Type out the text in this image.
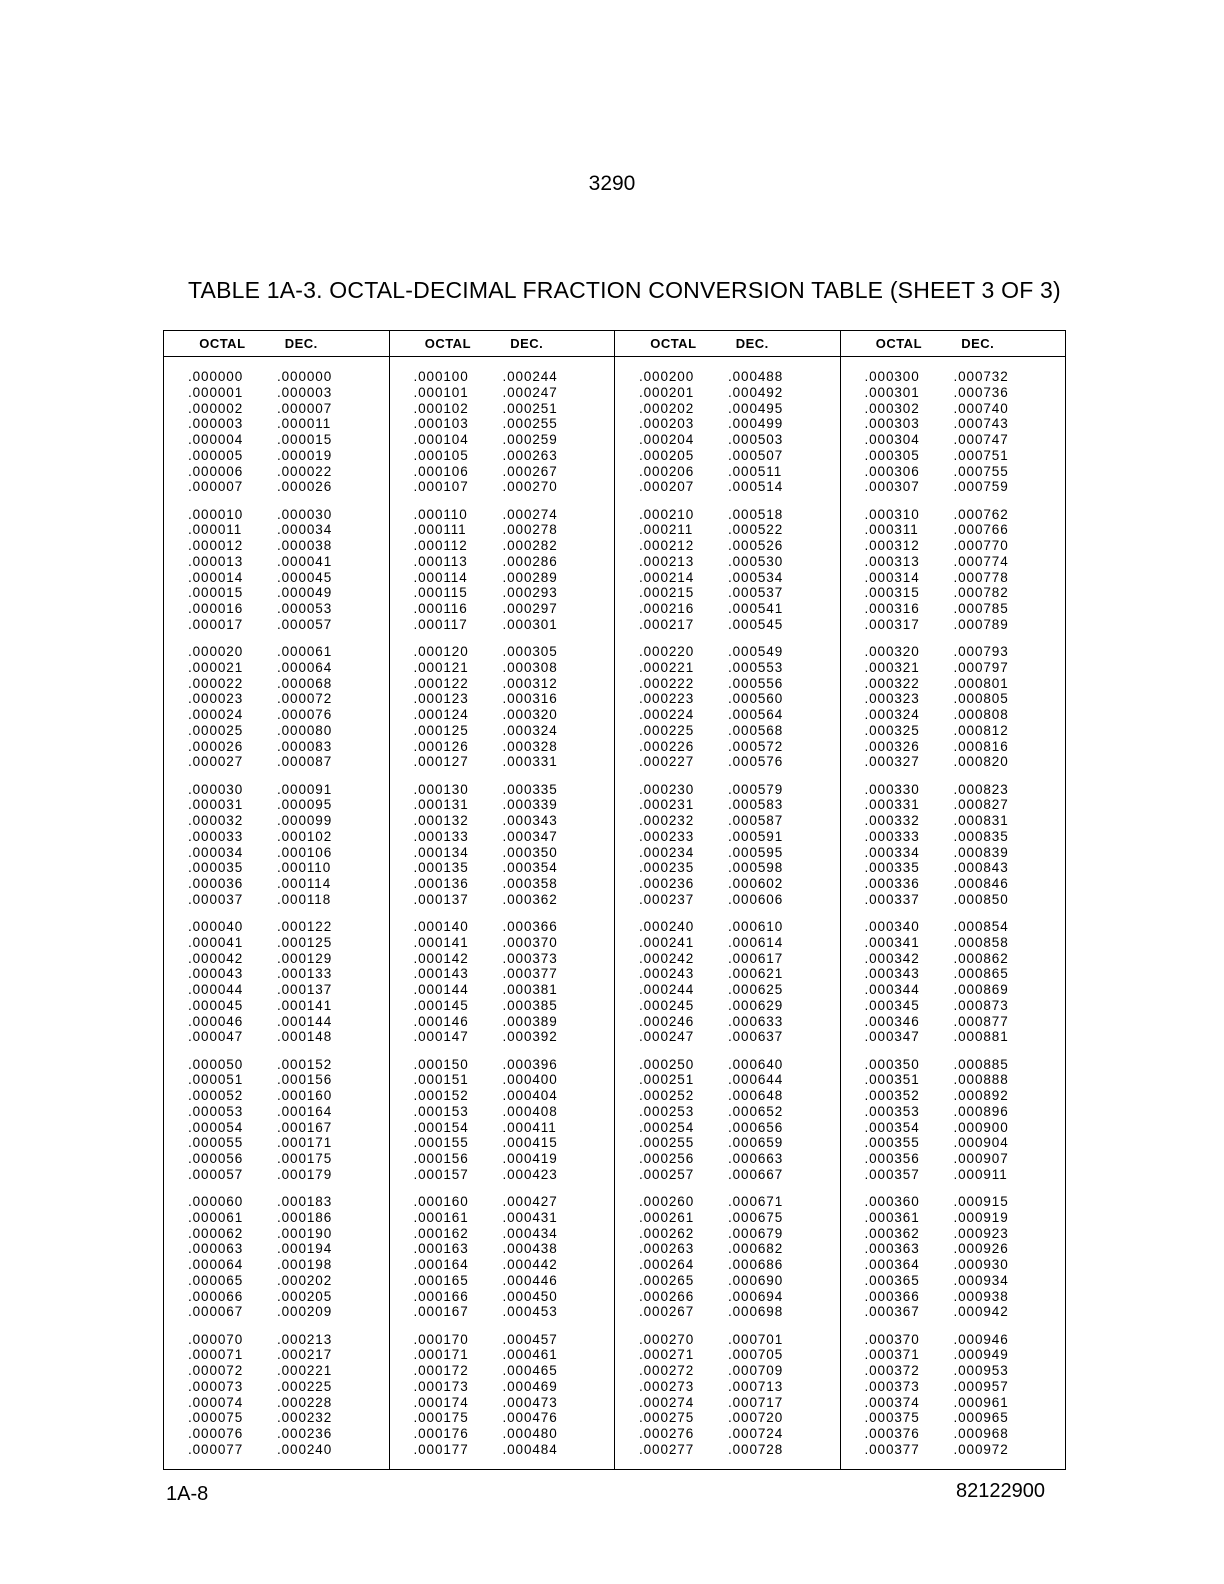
3290
TABLE 1A-3. OCTAL-DECIMAL FRACTION CONVERSION TABLE (SHEET 3 OF 3)
OCTAL	DEC.
.000000	.000000
.000001	.000003
.000002	.000007
.000003	.000011
.000004	.000015
.000005	.000019
.000006	.000022
.000007	.000026
.000010	.000030
.000011	.000034
.000012	.000038
.000013	.000041
.000014	.000045
.000015	.000049
.000016	.000053
.000017	.000057
.000020	.000061
.000021	.000064
.000022	.000068
.000023	.000072
.000024	.000076
.000025	.000080
.000026	.000083
.000027	.000087
.000030	.000091
.000031	.000095
.000032	.000099
.000033	.000102
.000034	.000106
.000035	.000110
.000036	.000114
.000037	.000118
.000040	.000122
.000041	.000125
.000042	.000129
.000043	.000133
.000044	.000137
.000045	.000141
.000046	.000144
.000047	.000148
.000050	.000152
.000051	.000156
.000052	.000160
.000053	.000164
.000054	.000167
.000055	.000171
.000056	.000175
.000057	.000179
.000060	.000183
.000061	.000186
.000062	.000190
.000063	.000194
.000064	.000198
.000065	.000202
.000066	.000205
.000067	.000209
.000070	.000213
.000071	.000217
.000072	.000221
.000073	.000225
.000074	.000228
.000075	.000232
.000076	.000236
.000077	.000240
OCTAL	DEC.
.000100	.000244
.000101	.000247
.000102	.000251
.000103	.000255
.000104	.000259
.000105	.000263
.000106	.000267
.000107	.000270
.000110	.000274
.000111	.000278
.000112	.000282
.000113	.000286
.000114	.000289
.000115	.000293
.000116	.000297
.000117	.000301
.000120	.000305
.000121	.000308
.000122	.000312
.000123	.000316
.000124	.000320
.000125	.000324
.000126	.000328
.000127	.000331
.000130	.000335
.000131	.000339
.000132	.000343
.000133	.000347
.000134	.000350
.000135	.000354
.000136	.000358
.000137	.000362
.000140	.000366
.000141	.000370
.000142	.000373
.000143	.000377
.000144	.000381
.000145	.000385
.000146	.000389
.000147	.000392
.000150	.000396
.000151	.000400
.000152	.000404
.000153	.000408
.000154	.000411
.000155	.000415
.000156	.000419
.000157	.000423
.000160	.000427
.000161	.000431
.000162	.000434
.000163	.000438
.000164	.000442
.000165	.000446
.000166	.000450
.000167	.000453
.000170	.000457
.000171	.000461
.000172	.000465
.000173	.000469
.000174	.000473
.000175	.000476
.000176	.000480
.000177	.000484
OCTAL	DEC.
.000200	.000488
.000201	.000492
.000202	.000495
.000203	.000499
.000204	.000503
.000205	.000507
.000206	.000511
.000207	.000514
.000210	.000518
.000211	.000522
.000212	.000526
.000213	.000530
.000214	.000534
.000215	.000537
.000216	.000541
.000217	.000545
.000220	.000549
.000221	.000553
.000222	.000556
.000223	.000560
.000224	.000564
.000225	.000568
.000226	.000572
.000227	.000576
.000230	.000579
.000231	.000583
.000232	.000587
.000233	.000591
.000234	.000595
.000235	.000598
.000236	.000602
.000237	.000606
.000240	.000610
.000241	.000614
.000242	.000617
.000243	.000621
.000244	.000625
.000245	.000629
.000246	.000633
.000247	.000637
.000250	.000640
.000251	.000644
.000252	.000648
.000253	.000652
.000254	.000656
.000255	.000659
.000256	.000663
.000257	.000667
.000260	.000671
.000261	.000675
.000262	.000679
.000263	.000682
.000264	.000686
.000265	.000690
.000266	.000694
.000267	.000698
.000270	.000701
.000271	.000705
.000272	.000709
.000273	.000713
.000274	.000717
.000275	.000720
.000276	.000724
.000277	.000728
OCTAL	DEC.
.000300	.000732
.000301	.000736
.000302	.000740
.000303	.000743
.000304	.000747
.000305	.000751
.000306	.000755
.000307	.000759
.000310	.000762
.000311	.000766
.000312	.000770
.000313	.000774
.000314	.000778
.000315	.000782
.000316	.000785
.000317	.000789
.000320	.000793
.000321	.000797
.000322	.000801
.000323	.000805
.000324	.000808
.000325	.000812
.000326	.000816
.000327	.000820
.000330	.000823
.000331	.000827
.000332	.000831
.000333	.000835
.000334	.000839
.000335	.000843
.000336	.000846
.000337	.000850
.000340	.000854
.000341	.000858
.000342	.000862
.000343	.000865
.000344	.000869
.000345	.000873
.000346	.000877
.000347	.000881
.000350	.000885
.000351	.000888
.000352	.000892
.000353	.000896
.000354	.000900
.000355	.000904
.000356	.000907
.000357	.000911
.000360	.000915
.000361	.000919
.000362	.000923
.000363	.000926
.000364	.000930
.000365	.000934
.000366	.000938
.000367	.000942
.000370	.000946
.000371	.000949
.000372	.000953
.000373	.000957
.000374	.000961
.000375	.000965
.000376	.000968
.000377	.000972
1A-8	82122900
